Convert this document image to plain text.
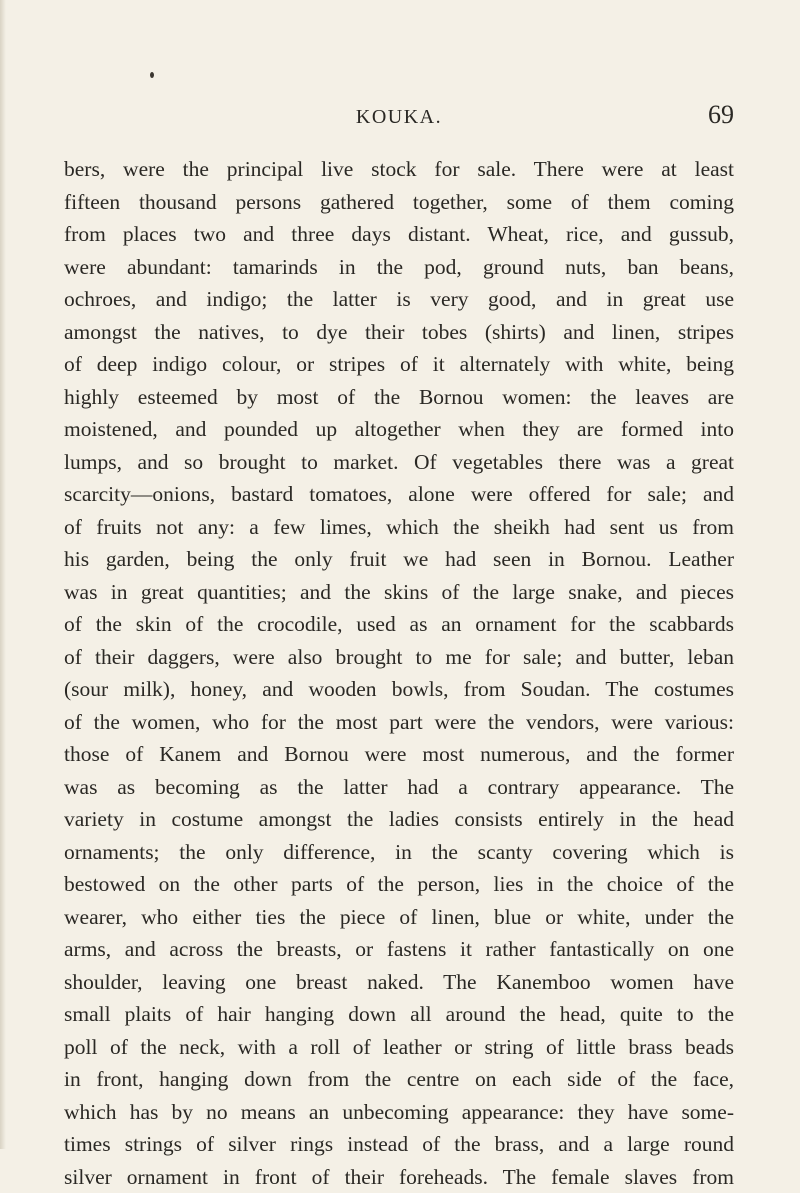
KOUKA.	69
bers, were the principal live stock for sale. There were at least
fifteen thousand persons gathered together, some of them coming
from places two and three days distant. Wheat, rice, and gussub,
were abundant: tamarinds in the pod, ground nuts, ban beans,
ochroes, and indigo; the latter is very good, and in great use
amongst the natives, to dye their tobes (shirts) and linen, stripes
of deep indigo colour, or stripes of it alternately with white, being
highly esteemed by most of the Bornou women: the leaves are
moistened, and pounded up altogether when they are formed into
lumps, and so brought to market. Of vegetables there was a great
scarcity—onions, bastard tomatoes, alone were offered for sale; and
of fruits not any: a few limes, which the sheikh had sent us from
his garden, being the only fruit we had seen in Bornou. Leather
was in great quantities; and the skins of the large snake, and pieces
of the skin of the crocodile, used as an ornament for the scabbards
of their daggers, were also brought to me for sale; and butter, leban
(sour milk), honey, and wooden bowls, from Soudan. The costumes
of the women, who for the most part were the vendors, were various:
those of Kanem and Bornou were most numerous, and the former
was as becoming as the latter had a contrary appearance. The
variety in costume amongst the ladies consists entirely in the head
ornaments; the only difference, in the scanty covering which is
bestowed on the other parts of the person, lies in the choice of the
wearer, who either ties the piece of linen, blue or white, under the
arms, and across the breasts, or fastens it rather fantastically on one
shoulder, leaving one breast naked. The Kanemboo women have
small plaits of hair hanging down all around the head, quite to the
poll of the neck, with a roll of leather or string of little brass beads
in front, hanging down from the centre on each side of the face,
which has by no means an unbecoming appearance: they have some-
times strings of silver rings instead of the brass, and a large round
silver ornament in front of their foreheads. The female slaves from
